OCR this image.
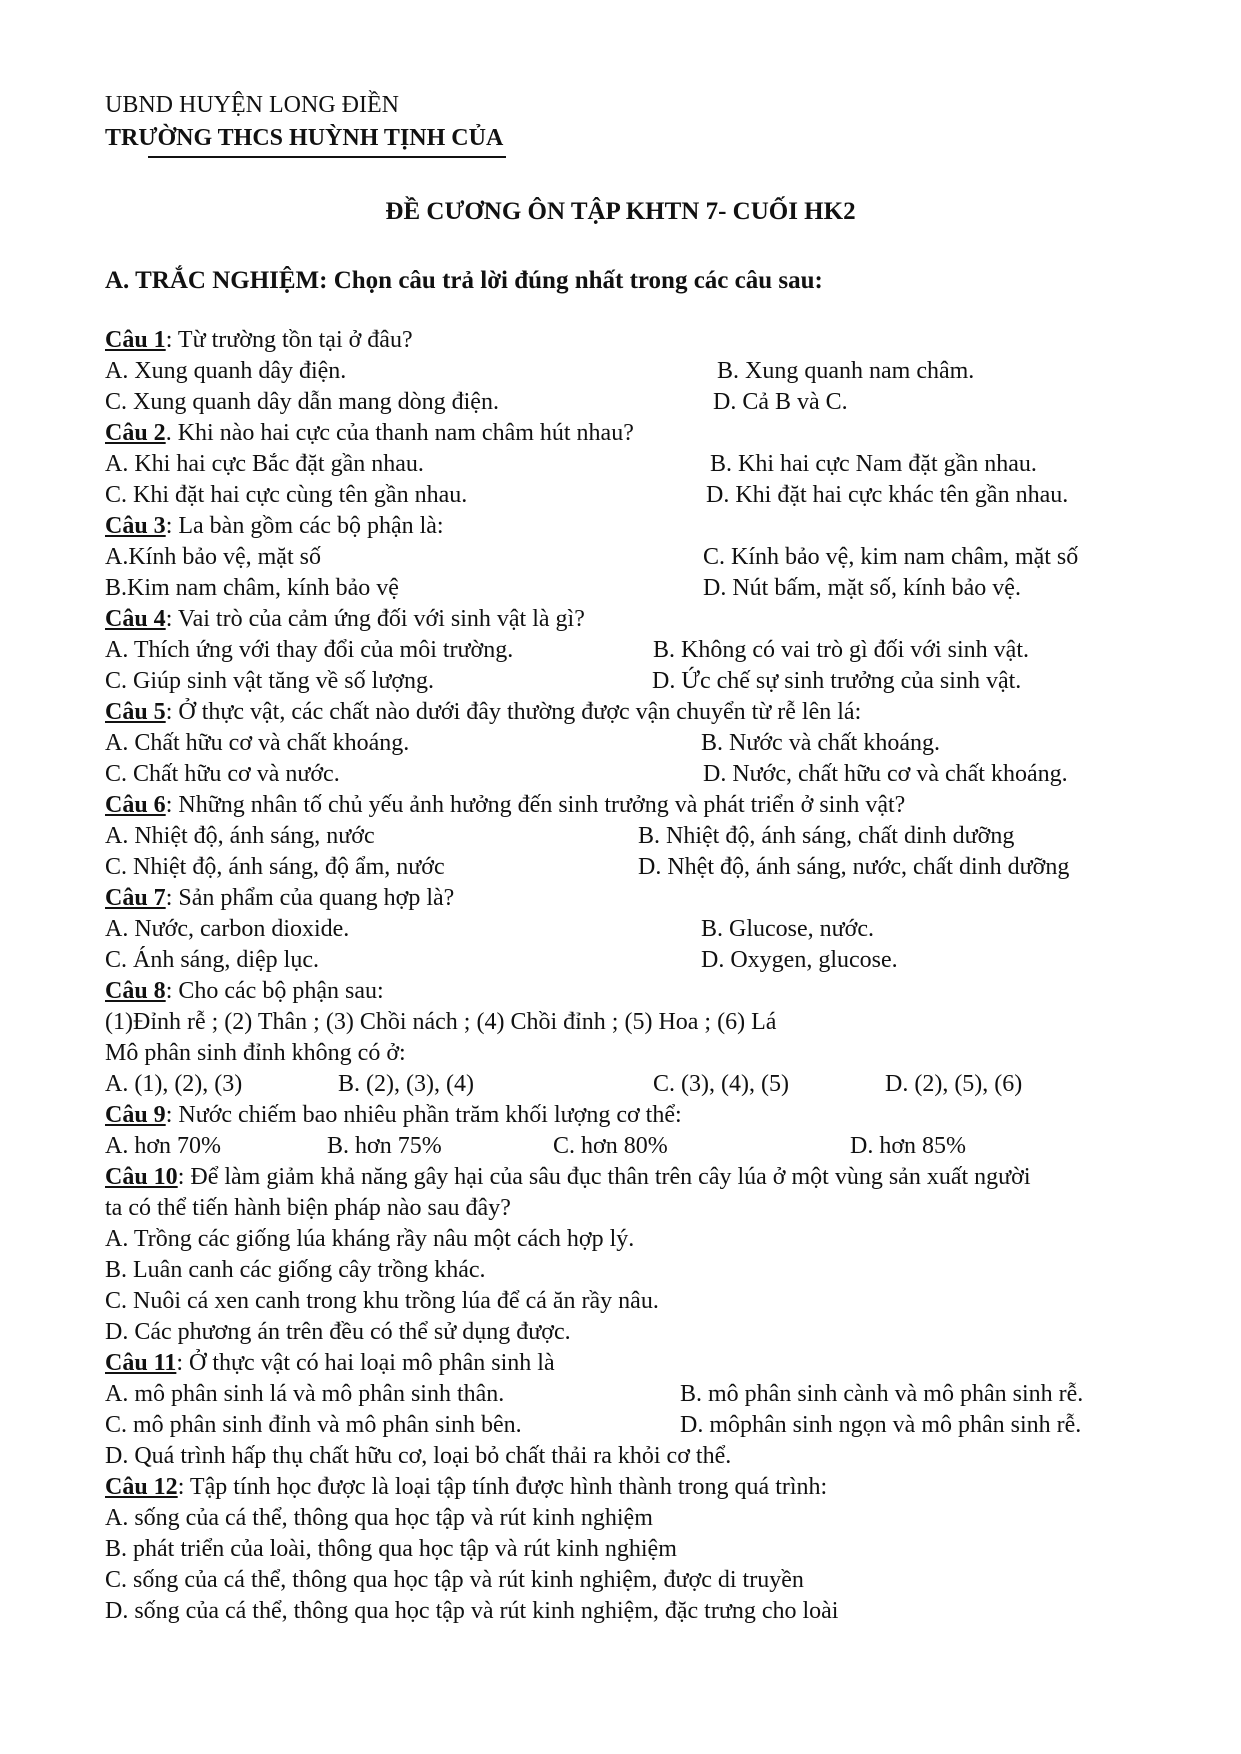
UBND HUYỆN LONG ĐIỀN
TRƯỜNG THCS HUỲNH TỊNH CỦA
ĐỀ CƯƠNG ÔN TẬP KHTN 7- CUỐI HK2
A. TRẮC NGHIỆM: Chọn câu trả lời đúng nhất trong các câu sau:
Câu 1: Từ trường tồn tại ở đâu?
A. Xung quanh dây điện.	B. Xung quanh nam châm.
C. Xung quanh dây dẫn mang dòng điện.	D. Cả B và C.
Câu 2. Khi nào hai cực của thanh nam châm hút nhau?
A. Khi hai cực Bắc đặt gần nhau.	B. Khi hai cực Nam đặt gần nhau.
C. Khi đặt hai cực cùng tên gần nhau.	D. Khi đặt hai cực khác tên gần nhau.
Câu 3: La bàn gồm các bộ phận là:
A.Kính bảo vệ, mặt số	C. Kính bảo vệ, kim nam châm, mặt số
B.Kim nam châm, kính bảo vệ	D. Nút bấm, mặt số, kính bảo vệ.
Câu 4: Vai trò của cảm ứng đối với sinh vật là gì?
A. Thích ứng với thay đổi của môi trường.	B. Không có vai trò gì đối với sinh vật.
C. Giúp sinh vật tăng về số lượng.	D. Ức chế sự sinh trưởng của sinh vật.
Câu 5: Ở thực vật, các chất nào dưới đây thường được vận chuyển từ rễ lên lá:
A. Chất hữu cơ và chất khoáng.	B. Nước và chất khoáng.
C. Chất hữu cơ và nước.	D. Nước, chất hữu cơ và chất khoáng.
Câu 6: Những nhân tố chủ yếu ảnh hưởng đến sinh trưởng và phát triển ở sinh vật?
A. Nhiệt độ, ánh sáng, nước	B. Nhiệt độ, ánh sáng, chất dinh dưỡng
C. Nhiệt độ, ánh sáng, độ ẩm, nước	D. Nhệt độ, ánh sáng, nước, chất dinh dưỡng
Câu 7: Sản phẩm của quang hợp là?
A. Nước, carbon dioxide.	B. Glucose, nước.
C. Ánh sáng, diệp lục.	D. Oxygen, glucose.
Câu 8: Cho các bộ phận sau:
(1)Đỉnh rễ ; (2) Thân ; (3) Chồi nách ; (4) Chồi đỉnh ; (5) Hoa ; (6) Lá
Mô phân sinh đỉnh không có ở:
A. (1), (2), (3)	B. (2), (3), (4)	C. (3), (4), (5)	D. (2), (5), (6)
Câu 9: Nước chiếm bao nhiêu phần trăm khối lượng cơ thể:
A. hơn 70%	B. hơn 75%	C. hơn 80%	D. hơn 85%
Câu 10: Để làm giảm khả năng gây hại của sâu đục thân trên cây lúa ở một vùng sản xuất người
ta có thể tiến hành biện pháp nào sau đây?
A. Trồng các giống lúa kháng rầy nâu một cách hợp lý.
B. Luân canh các giống cây trồng khác.
C. Nuôi cá xen canh trong khu trồng lúa để cá ăn rầy nâu.
D. Các phương án trên đều có thể sử dụng được.
Câu 11: Ở thực vật có hai loại mô phân sinh là
A. mô phân sinh lá và mô phân sinh thân.	B. mô phân sinh cành và mô phân sinh rễ.
C. mô phân sinh đỉnh và mô phân sinh bên.	D. môphân sinh ngọn và mô phân sinh rễ.
D. Quá trình hấp thụ chất hữu cơ, loại bỏ chất thải ra khỏi cơ thể.
Câu 12: Tập tính học được là loại tập tính được hình thành trong quá trình:
A. sống của cá thể, thông qua học tập và rút kinh nghiệm
B. phát triển của loài, thông qua học tập và rút kinh nghiệm
C. sống của cá thể, thông qua học tập và rút kinh nghiệm, được di truyền
D. sống của cá thể, thông qua học tập và rút kinh nghiệm, đặc trưng cho loài
